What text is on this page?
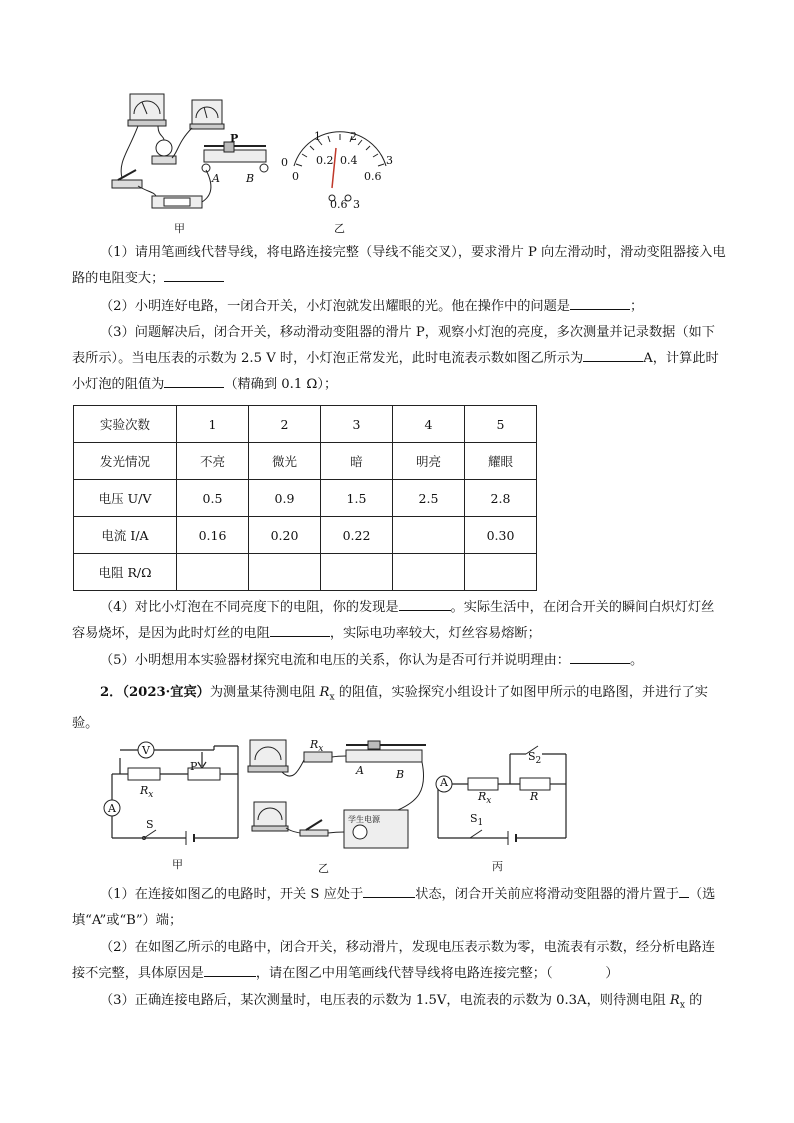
P
A B
0
1	2
3
0
0.2 0.4
0.6
0.6 3
甲	乙

（1）请用笔画线代替导线，将电路连接完整（导线不能交叉），要求滑片 P 向左滑动时，滑动变阻器接入电路的电阻变大；

（2）小明连好电路，一闭合开关，小灯泡就发出耀眼的光。他在操作中的问题是	；

（3）问题解决后，闭合开关，移动滑动变阻器的滑片 P，观察小灯泡的亮度，多次测量并记录数据（如下表所示）。当电压表的示数为 2.5 V 时，小灯泡正常发光，此时电流表示数如图乙所示为	A，计算此时小灯泡的阻值为	（精确到 0.1 Ω）；

实验次数	1	2	3	4	5
发光情况	不亮	微光	暗	明亮	耀眼
电压 U/V	0.5	0.9	1.5	2.5	2.8
电流 I/A	0.16	0.20	0.22		0.30
电阻 R/Ω					

（4）对比小灯泡在不同亮度下的电阻，你的发现是	。实际生活中，在闭合开关的瞬间白炽灯灯丝容易烧坏，是因为此时灯丝的电阻	，实际电功率较大，灯丝容易熔断；

（5）小明想用本实验器材探究电流和电压的关系，你认为是否可行并说明理由：	。

2．（2023·宜宾）为测量某待测电阻 $R_x$ 的阻值，实验探究小组设计了如图甲所示的电路图，并进行了实验。

V
A
P
$R_x$
S	学生电源
A	B
$R_x$
A
$R_x$	R
$S_2$
$S_1$
甲	乙	丙

（1）在连接如图乙的电路时，开关 S 应处于	状态，闭合开关前应将滑动变阻器的滑片置于 （选填“A”或“B”）端；

（2）在如图乙所示的电路中，闭合开关，移动滑片，发现电压表示数为零，电流表有示数，经分析电路连接不完整，具体原因是	，请在图乙中用笔画线代替导线将电路连接完整；（　　　　）

（3）正确连接电路后，某次测量时，电压表的示数为 1.5V，电流表的示数为 0.3A，则待测电阻 $R_x$ 的
